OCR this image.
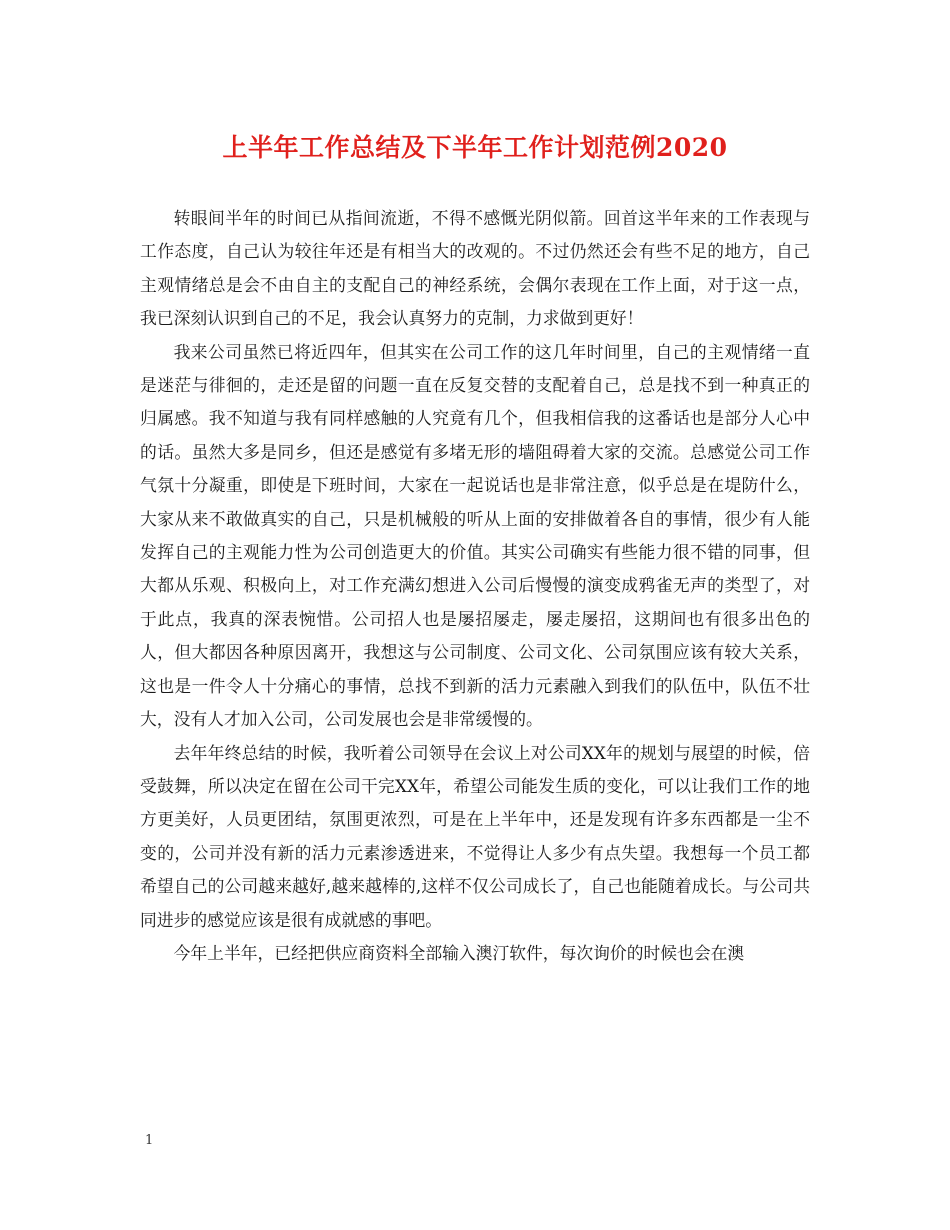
上半年工作总结及下半年工作计划范例2020

转眼间半年的时间已从指间流逝，不得不感慨光阴似箭。回首这半年来的工作表现与工作态度，自己认为较往年还是有相当大的改观的。不过仍然还会有些不足的地方，自己主观情绪总是会不由自主的支配自己的神经系统，会偶尔表现在工作上面，对于这一点，我已深刻认识到自己的不足，我会认真努力的克制，力求做到更好！

我来公司虽然已将近四年，但其实在公司工作的这几年时间里，自己的主观情绪一直是迷茫与徘徊的，走还是留的问题一直在反复交替的支配着自己，总是找不到一种真正的归属感。我不知道与我有同样感触的人究竟有几个，但我相信我的这番话也是部分人心中的话。虽然大多是同乡，但还是感觉有多堵无形的墙阻碍着大家的交流。总感觉公司工作气氛十分凝重，即使是下班时间，大家在一起说话也是非常注意，似乎总是在堤防什么，大家从来不敢做真实的自己，只是机械般的听从上面的安排做着各自的事情，很少有人能发挥自己的主观能力性为公司创造更大的价值。其实公司确实有些能力很不错的同事，但大都从乐观、积极向上，对工作充满幻想进入公司后慢慢的演变成鸦雀无声的类型了，对于此点，我真的深表惋惜。公司招人也是屡招屡走，屡走屡招，这期间也有很多出色的人，但大都因各种原因离开，我想这与公司制度、公司文化、公司氛围应该有较大关系，这也是一件令人十分痛心的事情，总找不到新的活力元素融入到我们的队伍中，队伍不壮大，没有人才加入公司，公司发展也会是非常缓慢的。

去年年终总结的时候，我听着公司领导在会议上对公司XX年的规划与展望的时候，倍受鼓舞，所以决定在留在公司干完XX年，希望公司能发生质的变化，可以让我们工作的地方更美好，人员更团结，氛围更浓烈，可是在上半年中，还是发现有许多东西都是一尘不变的，公司并没有新的活力元素渗透进来，不觉得让人多少有点失望。我想每一个员工都希望自己的公司越来越好,越来越棒的,这样不仅公司成长了，自己也能随着成长。与公司共同进步的感觉应该是很有成就感的事吧。

今年上半年，已经把供应商资料全部输入澳汀软件，每次询价的时候也会在澳

1
